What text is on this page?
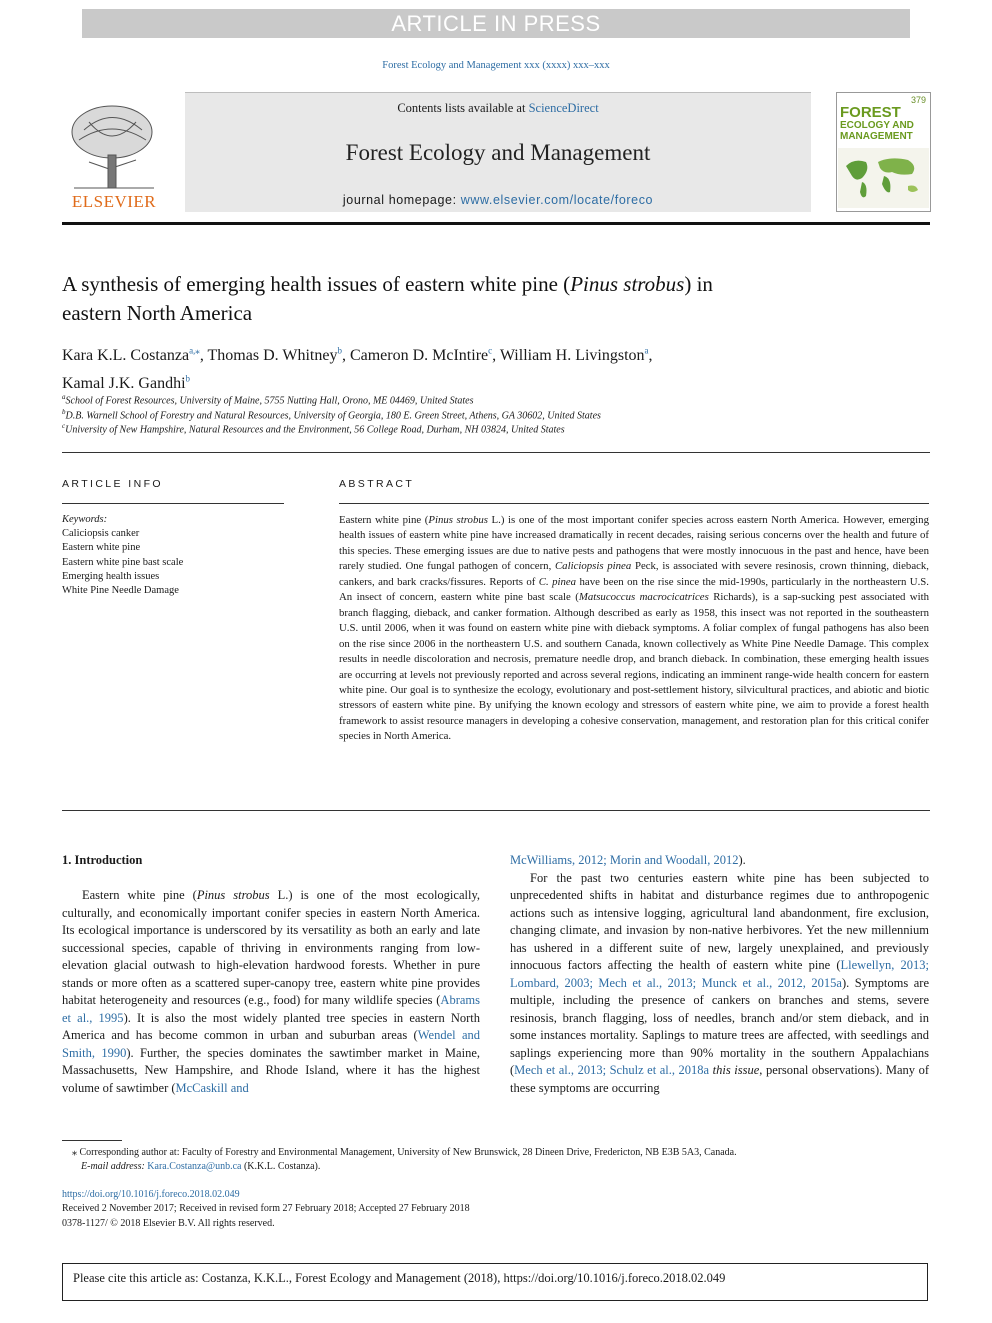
ARTICLE IN PRESS
Forest Ecology and Management xxx (xxxx) xxx–xxx
ELSEVIER
Contents lists available at ScienceDirect
Forest Ecology and Management
journal homepage: www.elsevier.com/locate/foreco
379
FOREST
ECOLOGY AND
MANAGEMENT
A synthesis of emerging health issues of eastern white pine (Pinus strobus) in
eastern North America
Kara K.L. Costanza$^{a,⁎}$, Thomas D. Whitney$^b$, Cameron D. McIntire$^c$, William H. Livingston$^a$,
Kamal J.K. Gandhi$^b$
$^a$School of Forest Resources, University of Maine, 5755 Nutting Hall, Orono, ME 04469, United States
$^b$D.B. Warnell School of Forestry and Natural Resources, University of Georgia, 180 E. Green Street, Athens, GA 30602, United States
$^c$University of New Hampshire, Natural Resources and the Environment, 56 College Road, Durham, NH 03824, United States
ARTICLE INFO
Keywords:
Caliciopsis canker
Eastern white pine
Eastern white pine bast scale
Emerging health issues
White Pine Needle Damage
ABSTRACT
Eastern white pine (Pinus strobus L.) is one of the most important conifer species across eastern North America. However, emerging health issues of eastern white pine have increased dramatically in recent decades, raising serious concerns over the health and future of this species. These emerging issues are due to native pests and pathogens that were mostly innocuous in the past and hence, have been rarely studied. One fungal pathogen of concern, Caliciopsis pinea Peck, is associated with severe resinosis, crown thinning, dieback, cankers, and bark cracks/fissures. Reports of C. pinea have been on the rise since the mid-1990s, particularly in the northeastern U.S. An insect of concern, eastern white pine bast scale (Matsucoccus macrocicatrices Richards), is a sap-sucking pest associated with branch flagging, dieback, and canker formation. Although described as early as 1958, this insect was not reported in the southeastern U.S. until 2006, when it was found on eastern white pine with dieback symptoms. A foliar complex of fungal pathogens has also been on the rise since 2006 in the northeastern U.S. and southern Canada, known collectively as White Pine Needle Damage. This complex results in needle discoloration and necrosis, premature needle drop, and branch dieback. In combination, these emerging health issues are occurring at levels not previously reported and across several regions, indicating an imminent range-wide health concern for eastern white pine. Our goal is to synthesize the ecology, evolutionary and post-settlement history, silvicultural practices, and abiotic and biotic stressors of eastern white pine. By unifying the known ecology and stressors of eastern white pine, we aim to provide a forest health framework to assist resource managers in developing a cohesive conservation, management, and restoration plan for this critical conifer species in North America.
1. Introduction

Eastern white pine (Pinus strobus L.) is one of the most ecologically, culturally, and economically important conifer species in eastern North America. Its ecological importance is underscored by its versatility as both an early and late successional species, capable of thriving in environments ranging from low-elevation glacial outwash to high-elevation hardwood forests. Whether in pure stands or more often as a scattered super-canopy tree, eastern white pine provides habitat heterogeneity and resources (e.g., food) for many wildlife species (Abrams et al., 1995). It is also the most widely planted tree species in eastern North America and has become common in urban and suburban areas (Wendel and Smith, 1990). Further, the species dominates the sawtimber market in Maine, Massachusetts, New Hampshire, and Rhode Island, where it has the highest volume of sawtimber (McCaskill and

McWilliams, 2012; Morin and Woodall, 2012).

For the past two centuries eastern white pine has been subjected to unprecedented shifts in habitat and disturbance regimes due to anthropogenic actions such as intensive logging, agricultural land abandonment, fire exclusion, changing climate, and invasion by non-native herbivores. Yet the new millennium has ushered in a different suite of new, largely unexplained, and previously innocuous factors affecting the health of eastern white pine (Llewellyn, 2013; Lombard, 2003; Mech et al., 2013; Munck et al., 2012, 2015a). Symptoms are multiple, including the presence of cankers on branches and stems, severe resinosis, branch flagging, loss of needles, branch and/or stem dieback, and in some instances mortality. Saplings to mature trees are affected, with seedlings and saplings experiencing more than 90% mortality in the southern Appalachians (Mech et al., 2013; Schulz et al., 2018a this issue, personal observations). Many of these symptoms are occurring

⁎ Corresponding author at: Faculty of Forestry and Environmental Management, University of New Brunswick, 28 Dineen Drive, Fredericton, NB E3B 5A3, Canada.
E-mail address: Kara.Costanza@unb.ca (K.K.L. Costanza).
https://doi.org/10.1016/j.foreco.2018.02.049
Received 2 November 2017; Received in revised form 27 February 2018; Accepted 27 February 2018
0378-1127/ © 2018 Elsevier B.V. All rights reserved.
Please cite this article as: Costanza, K.K.L., Forest Ecology and Management (2018), https://doi.org/10.1016/j.foreco.2018.02.049
